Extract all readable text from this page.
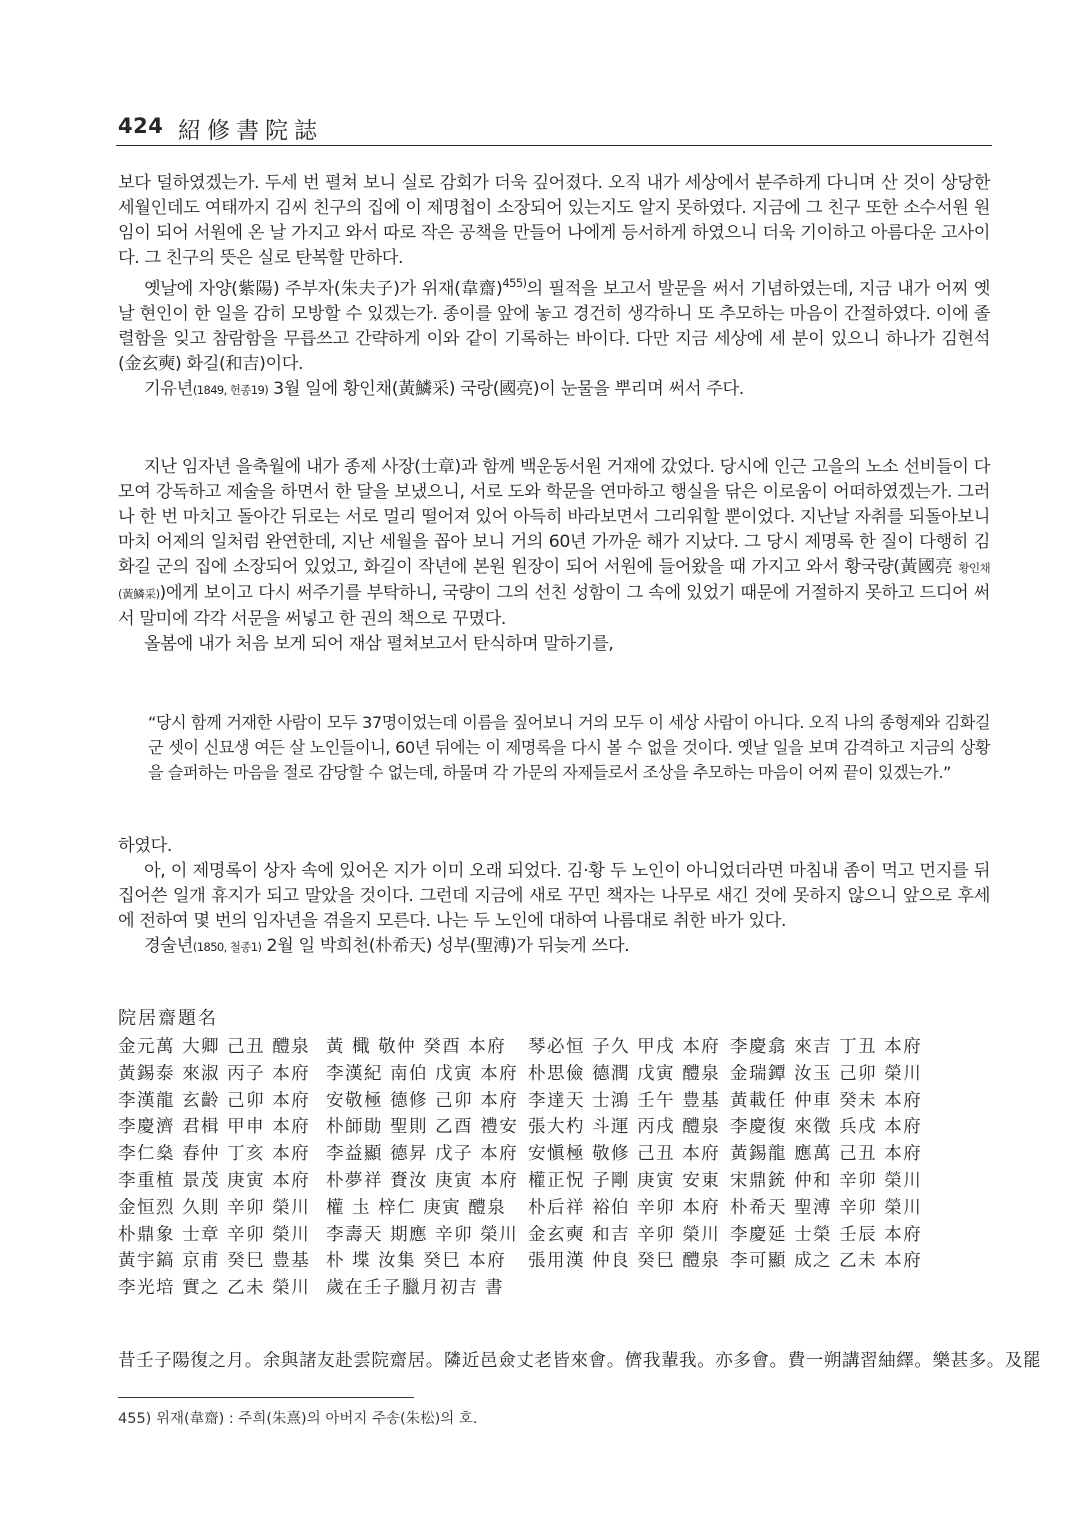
424 紹修書院誌

보다 덜하였겠는가. 두세 번 펼쳐 보니 실로 감회가 더욱 깊어졌다. 오직 내가 세상에서 분주하게 다니며 산 것이 상당한 세월인데도 여태까지 김씨 친구의 집에 이 제명첩이 소장되어 있는지도 알지 못하였다. 지금에 그 친구 또한 소수서원 원임이 되어 서원에 온 날 가지고 와서 따로 작은 공책을 만들어 나에게 등서하게 하였으니 더욱 기이하고 아름다운 고사이다. 그 친구의 뜻은 실로 탄복할 만하다.

옛날에 자양(紫陽) 주부자(朱夫子)가 위재(韋齋)$^{455)}$의 필적을 보고서 발문을 써서 기념하였는데, 지금 내가 어찌 옛날 현인이 한 일을 감히 모방할 수 있겠는가. 종이를 앞에 놓고 경건히 생각하니 또 추모하는 마음이 간절하였다. 이에 졸렬함을 잊고 참람함을 무릅쓰고 간략하게 이와 같이 기록하는 바이다. 다만 지금 세상에 세 분이 있으니 하나가 김현석(金玄奭) 화길(和吉)이다.

기유년(1849, 헌종19) 3월 일에 황인채(黃鱗采) 국랑(國亮)이 눈물을 뿌리며 써서 주다.

지난 임자년 을축월에 내가 종제 사장(士章)과 함께 백운동서원 거재에 갔었다. 당시에 인근 고을의 노소 선비들이 다 모여 강독하고 제술을 하면서 한 달을 보냈으니, 서로 도와 학문을 연마하고 행실을 닦은 이로움이 어떠하였겠는가. 그러나 한 번 마치고 돌아간 뒤로는 서로 멀리 떨어져 있어 아득히 바라보면서 그리워할 뿐이었다. 지난날 자취를 되돌아보니 마치 어제의 일처럼 완연한데, 지난 세월을 꼽아 보니 거의 60년 가까운 해가 지났다. 그 당시 제명록 한 질이 다행히 김화길 군의 집에 소장되어 있었고, 화길이 작년에 본원 원장이 되어 서원에 들어왔을 때 가지고 와서 황국량(黃國亮 황인채(黃鱗采))에게 보이고 다시 써주기를 부탁하니, 국량이 그의 선친 성함이 그 속에 있었기 때문에 거절하지 못하고 드디어 써서 말미에 각각 서문을 써넣고 한 권의 책으로 꾸몄다.

올봄에 내가 처음 보게 되어 재삼 펼쳐보고서 탄식하며 말하기를,

“당시 함께 거재한 사람이 모두 37명이었는데 이름을 짚어보니 거의 모두 이 세상 사람이 아니다. 오직 나의 종형제와 김화길 군 셋이 신묘생 여든 살 노인들이니, 60년 뒤에는 이 제명록을 다시 볼 수 없을 것이다. 옛날 일을 보며 감격하고 지금의 상황을 슬퍼하는 마음을 절로 감당할 수 없는데, 하물며 각 가문의 자제들로서 조상을 추모하는 마음이 어찌 끝이 있겠는가.”

하였다.

아, 이 제명록이 상자 속에 있어온 지가 이미 오래 되었다. 김·황 두 노인이 아니었더라면 마침내 좀이 먹고 먼지를 뒤집어쓴 일개 휴지가 되고 말았을 것이다. 그런데 지금에 새로 꾸민 책자는 나무로 새긴 것에 못하지 않으니 앞으로 후세에 전하여 몇 번의 임자년을 겪을지 모른다. 나는 두 노인에 대하여 나름대로 취한 바가 있다.

경술년(1850, 철종1) 2월 일 박희천(朴希天) 성부(聖溥)가 뒤늦게 쓰다.

院居齋題名
金元萬 大卿 己丑 醴泉 黃 檝 敬仲 癸酉 本府 琴必恒 子久 甲戌 本府 李慶翕 來吉 丁丑 本府
黃錫泰 來淑 丙子 本府 李漢紀 南伯 戊寅 本府 朴思儉 德潤 戊寅 醴泉 金瑞鐔 汝玉 己卯 榮川
李漢龍 玄齡 己卯 本府 安敬極 德修 己卯 本府 李達天 士鴻 壬午 豊基 黃載任 仲車 癸未 本府
李慶濟 君楫 甲申 本府 朴師勛 聖則 乙酉 禮安 張大杓 斗運 丙戌 醴泉 李慶復 來徵 兵戌 本府
李仁燊 春仲 丁亥 本府 李益顯 德昇 戊子 本府 安愼極 敬修 己丑 本府 黃錫龍 應萬 己丑 本府
李重植 景茂 庚寅 本府 朴夢祥 賚汝 庚寅 本府 權正怳 子剛 庚寅 安東 宋鼎銃 仲和 辛卯 榮川
金恒烈 久則 辛卯 榮川 權 圡 梓仁 庚寅 醴泉 朴后祥 裕伯 辛卯 本府 朴希天 聖溥 辛卯 榮川
朴鼎象 士章 辛卯 榮川 李壽天 期應 辛卯 榮川 金玄奭 和吉 辛卯 榮川 李慶延 士榮 壬辰 本府
黃宇鎬 京甫 癸巳 豊基 朴 堞 汝集 癸巳 本府 張用漢 仲良 癸巳 醴泉 李可顯 成之 乙未 本府
李光培 實之 乙未 榮川 歲在壬子臘月初吉 書
昔壬子陽復之月。余與諸友赴雲院齋居。隣近邑僉丈老皆來會。儕我輩我。亦多會。費一朔講習紬繹。樂甚多。及罷
455) 위재(韋齋) : 주희(朱熹)의 아버지 주송(朱松)의 호.
